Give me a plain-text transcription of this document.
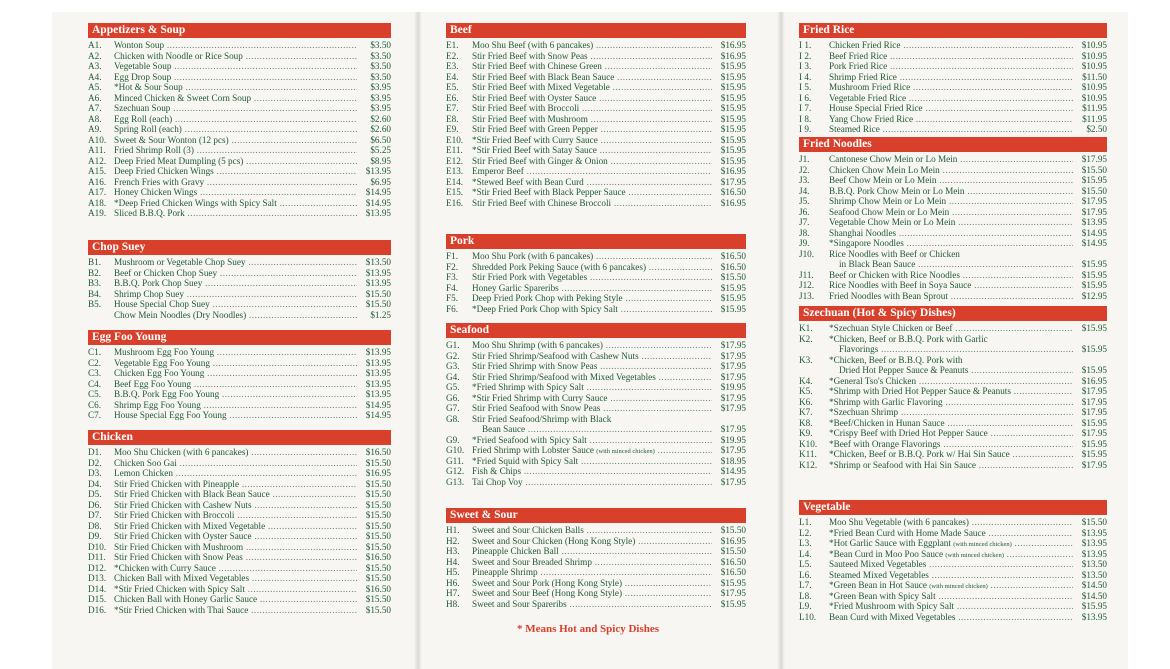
Appetizers & Soup
A1. Wonton Soup .....	$3.50
A2. Chicken with Noodle or Rice Soup .....	$3.50
A3. Vegetable Soup .....	$3.50
A4. Egg Drop Soup .....	$3.50
A5. *Hot & Sour Soup .....	$3.95
A6. Minced Chicken & Sweet Corn Soup .....	$3.95
A7. Szechuan Soup .....	$3.95
A8. Egg Roll (each) .....	$2.60
A9. Spring Roll (each) .....	$2.60
A10. Sweet & Sour Wonton (12 pcs) .....	$6.50
A11. Fried Shrimp Roll (3) .....	$5.25
A12. Deep Fried Meat Dumpling (5 pcs) .....	$8.95
A15. Deep Fried Chicken Wings .....	$13.95
A16. French Fries with Gravy .....	$6.95
A17. Honey Chicken Wings .....	$14.95
A18. *Deep Fried Chicken Wings with Spicy Salt .....	$14.95
A19. Sliced B.B.Q. Pork .....	$13.95
Chop Suey
B1. Mushroom or Vegetable Chop Suey .....	$13.50
B2. Beef or Chicken Chop Suey .....	$13.95
B3. B.B.Q. Pork Chop Suey .....	$13.95
B4. Shrimp Chop Suey .....	$15.50
B5. House Special Chop Suey .....	$15.50
Chow Mein Noodles (Dry Noodles) .....	$1.25
Egg Foo Young
C1. Mushroom Egg Foo Young .....	$13.95
C2. Vegetable Egg Foo Young .....	$13.95
C3. Chicken Egg Foo Young .....	$13.95
C4. Beef Egg Foo Young .....	$13.95
C5. B.B.Q. Pork Egg Foo Young .....	$13.95
C6. Shrimp Egg Foo Young .....	$14.95
C7. House Special Egg Foo Young .....	$14.95
Chicken
D1. Moo Shu Chicken (with 6 pancakes) .....	$16.50
D2. Chicken Soo Gai .....	$15.50
D3. Lemon Chicken .....	$16.95
D4. Stir Fried Chicken with Pineapple .....	$15.50
D5. Stir Fried Chicken with Black Bean Sauce .....	$15.50
D6. Stir Fried Chicken with Cashew Nuts .....	$15.50
D7. Stir Fried Chicken with Broccoli .....	$15.50
D8. Stir Fried Chicken with Mixed Vegetable .....	$15.50
D9. Stir Fried Chicken with Oyster Sauce .....	$15.50
D10. Stir Fried Chicken with Mushroom .....	$15.50
D11. Stir Fried Chicken with Snow Peas .....	$16.50
D12. *Chicken with Curry Sauce .....	$15.50
D13. Chicken Ball with Mixed Vegetables .....	$15.50
D14. *Stir Fried Chicken with Spicy Salt .....	$16.50
D15. Chicken Ball with Honey Garlic Sauce .....	$15.50
D16. *Stir Fried Chicken with Thai Sauce .....	$15.50
Beef
E1. Moo Shu Beef (with 6 pancakes) .....	$16.95
E2. Stir Fried Beef with Snow Peas .....	$16.95
E3. Stir Fried Beef with Chinese Green .....	$15.95
E4. Stir Fried Beef with Black Bean Sauce .....	$15.95
E5. Stir Fried Beef with Mixed Vegetable .....	$15.95
E6. Stir Fried Beef with Oyster Sauce .....	$15.95
E7. Stir Fried Beef with Broccoli .....	$15.95
E8. Stir Fried Beef with Mushroom .....	$15.95
E9. Stir Fried Beef with Green Pepper .....	$15.95
E10. *Stir Fried Beef with Curry Sauce .....	$15.95
E11. *Stir Fried Beef with Satay Sauce .....	$15.95
E12. Stir Fried Beef with Ginger & Onion .....	$15.95
E13. Emperor Beef .....	$16.95
E14. *Stewed Beef with Bean Curd .....	$17.95
E15. *Stir Fried Beef with Black Pepper Sauce .....	$16.50
E16. Stir Fried Beef with Chinese Broccoli .....	$16.95
Pork
F1. Moo Shu Pork (with 6 pancakes) .....	$16.50
F2. Shredded Pork Peking Sauce (with 6 pancakes) .....	$16.50
F3. Stir Fried Pork with Vegetables .....	$15.50
F4. Honey Garlic Spareribs .....	$15.95
F5. Deep Fried Pork Chop with Peking Style .....	$15.95
F6. *Deep Fried Pork Chop with Spicy Salt .....	$15.95
Seafood
G1. Moo Shu Shrimp (with 6 pancakes) .....	$17.95
G2. Stir Fried Shrimp/Seafood with Cashew Nuts .....	$17.95
G3. Stir Fried Shrimp with Snow Peas .....	$17.95
G4. Stir Fried Shrimp/Seafood with Mixed Vegetables .....	$17.95
G5. *Fried Shrimp with Spicy Salt .....	$19.95
G6. *Stir Fried Shrimp with Curry Sauce .....	$17.95
G7. Stir Fried Seafood with Snow Peas .....	$17.95
G8. Stir Fried Seafood/Shrimp with Black
Bean Sauce .....	$17.95
G9. *Fried Seafood with Spicy Salt .....	$19.95
G10. Fried Shrimp with Lobster Sauce (with minced chicken) .....	$17.95
G11. *Fried Squid with Spicy Salt .....	$18.95
G12. Fish & Chips .....	$14.95
G13. Tai Chop Voy .....	$17.95
Sweet & Sour
H1. Sweet and Sour Chicken Balls .....	$15.50
H2. Sweet and Sour Chicken (Hong Kong Style) .....	$16.95
H3. Pineapple Chicken Ball .....	$15.50
H4. Sweet and Sour Breaded Shrimp .....	$16.50
H5. Pineapple Shrimp .....	$16.50
H6. Sweet and Sour Pork (Hong Kong Style) .....	$15.95
H7. Sweet and Sour Beef (Hong Kong Style) .....	$17.95
H8. Sweet and Sour Spareribs .....	$15.95
Fried Rice
I 1. Chicken Fried Rice .....	$10.95
I 2. Beef Fried Rice .....	$10.95
I 3. Pork Fried Rice .....	$10.95
I 4. Shrimp Fried Rice .....	$11.50
I 5. Mushroom Fried Rice .....	$10.95
I 6. Vegetable Fried Rice .....	$10.95
I 7. House Special Fried Rice .....	$11.95
I 8. Yang Chow Fried Rice .....	$11.95
I 9. Steamed Rice .....	$2.50
Fried Noodles
J1. Cantonese Chow Mein or Lo Mein .....	$17.95
J2. Chicken Chow Mein Lo Mein .....	$15.50
J3. Beef Chow Mein or Lo Mein .....	$15.95
J4. B.B.Q. Pork Chow Mein or Lo Mein .....	$15.50
J5. Shrimp Chow Mein or Lo Mein .....	$17.95
J6. Seafood Chow Mein or Lo Mein .....	$17.95
J7. Vegetable Chow Mein or Lo Mein .....	$13.95
J8. Shanghai Noodles .....	$14.95
J9. *Singapore Noodles .....	$14.95
J10. Rice Noodles with Beef or Chicken
in Black Bean Sauce .....	$15.95
J11. Beef or Chicken with Rice Noodles .....	$15.95
J12. Rice Noodles with Beef in Soya Sauce .....	$15.95
J13. Fried Noodles with Bean Sprout .....	$12.95
Szechuan (Hot & Spicy Dishes)
K1. *Szechuan Style Chicken or Beef .....	$15.95
K2. *Chicken, Beef or B.B.Q. Pork with Garlic
Flavorings .....	$15.95
K3. *Chicken, Beef or B.B.Q. Pork with
Dried Hot Pepper Sauce & Peanuts .....	$15.95
K4. *General Tso's Chicken .....	$16.95
K5. *Shrimp with Dried Hot Pepper Sauce & Peanuts .....	$17.95
K6. *Shrimp with Garlic Flavoring .....	$17.95
K7. *Szechuan Shrimp .....	$17.95
K8. *Beef/Chicken in Hunan Sauce .....	$15.95
K9. *Crispy Beef with Dried Hot Pepper Sauce .....	$17.95
K10. *Beef with Orange Flavorings .....	$15.95
K11. *Chicken, Beef or B.B.Q. Pork w/ Hai Sin Sauce .....	$15.95
K12. *Shrimp or Seafood with Hai Sin Sauce .....	$17.95
Vegetable
L1. Moo Shu Vegetable (with 6 pancakes) .....	$15.50
L2. *Fried Bean Curd with Home Made Sauce .....	$13.95
L3. *Hot Garlic Sauce with Eggplant (with minced chicken) .....	$13.95
L4. *Bean Curd in Moo Poo Sauce (with minced chicken) .....	$13.95
L5. Sauteed Mixed Vegetables .....	$13.50
L6. Steamed Mixed Vegetables .....	$13.50
L7. *Green Bean in Hot Sauce (with minced chicken) .....	$14.50
L8. *Green Bean with Spicy Salt .....	$14.50
L9. *Fried Mushroom with Spicy Salt .....	$15.95
L10. Bean Curd with Mixed Vegetables .....	$13.95
* Means Hot and Spicy Dishes
